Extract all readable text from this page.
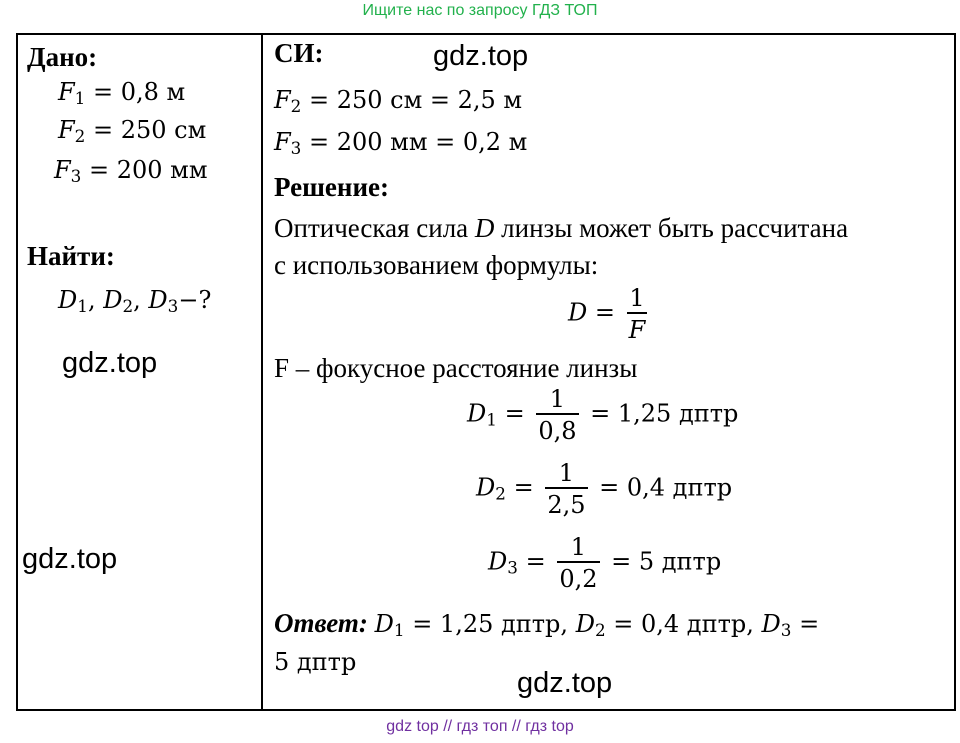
Ищите нас по запросу ГДЗ ТОП
Дано:
$F_1 = 0,8$ м
$F_2 = 250$ см
$F_3 = 200$ мм
Найти:
$D_1$, $D_2$, $D_3-$?
gdz.top
gdz.top
СИ:	gdz.top
$F_2 = 250$ см = 2,5 м
$F_3 = 200$ мм = 0,2 м
Решение:
Оптическая сила D линзы может быть рассчитана
с использованием формулы:
$D = \frac{1}{F}$
F – фокусное расстояние линзы
$D_1 = \frac{1}{0,8} = 1,25$ дптр
$D_2 = \frac{1}{2,5} = 0,4$ дптр
$D_3 = \frac{1}{0,2} = 5$ дптр
Ответ: $D_1 = 1,25$ дптр, $D_2 = 0,4$ дптр, $D_3$ =
5 дптр
gdz.top
gdz top // гдз топ // гдз top
